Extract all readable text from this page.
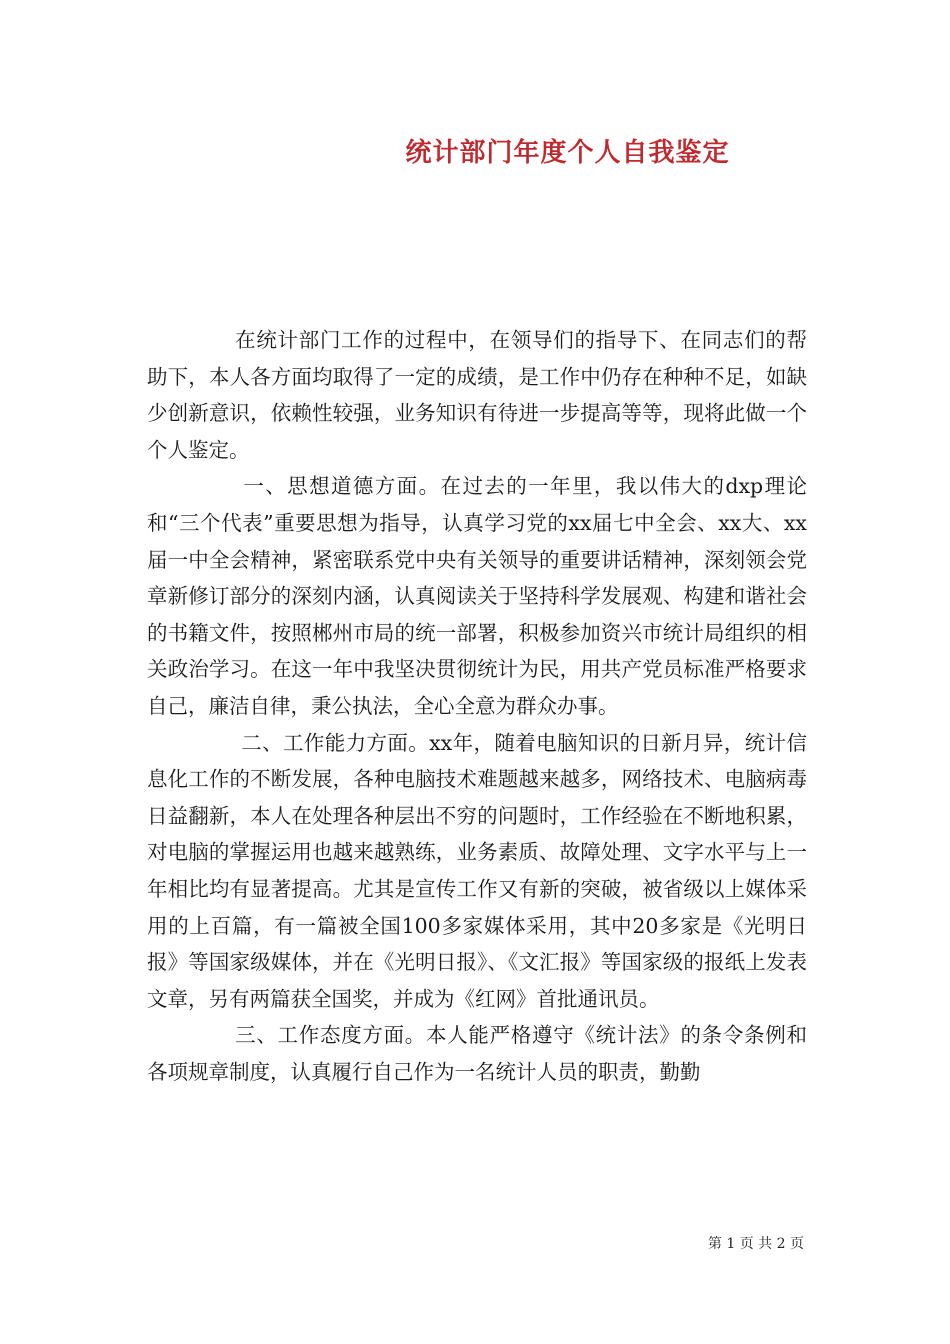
统计部门年度个人自我鉴定

在统计部门工作的过程中，在领导们的指导下、在同志们的帮助下，本人各方面均取得了一定的成绩，是工作中仍存在种种不足，如缺少创新意识，依赖性较强，业务知识有待进一步提高等等，现将此做一个个人鉴定。

一、思想道德方面。在过去的一年里，我以伟大的dxp理论和“三个代表”重要思想为指导，认真学习党的xx届七中全会、xx大、xx届一中全会精神，紧密联系党中央有关领导的重要讲话精神，深刻领会党章新修订部分的深刻内涵，认真阅读关于坚持科学发展观、构建和谐社会的书籍文件，按照郴州市局的统一部署，积极参加资兴市统计局组织的相关政治学习。在这一年中我坚决贯彻统计为民，用共产党员标准严格要求自己，廉洁自律，秉公执法，全心全意为群众办事。

二、工作能力方面。xx年，随着电脑知识的日新月异，统计信息化工作的不断发展，各种电脑技术难题越来越多，网络技术、电脑病毒日益翻新，本人在处理各种层出不穷的问题时，工作经验在不断地积累，对电脑的掌握运用也越来越熟练，业务素质、故障处理、文字水平与上一年相比均有显著提高。尤其是宣传工作又有新的突破，被省级以上媒体采用的上百篇，有一篇被全国100多家媒体采用，其中20多家是《光明日报》等国家级媒体，并在《光明日报》、《文汇报》等国家级的报纸上发表文章，另有两篇获全国奖，并成为《红网》首批通讯员。

三、工作态度方面。本人能严格遵守《统计法》的条令条例和各项规章制度，认真履行自己作为一名统计人员的职责，勤勤

第 1 页 共 2 页
